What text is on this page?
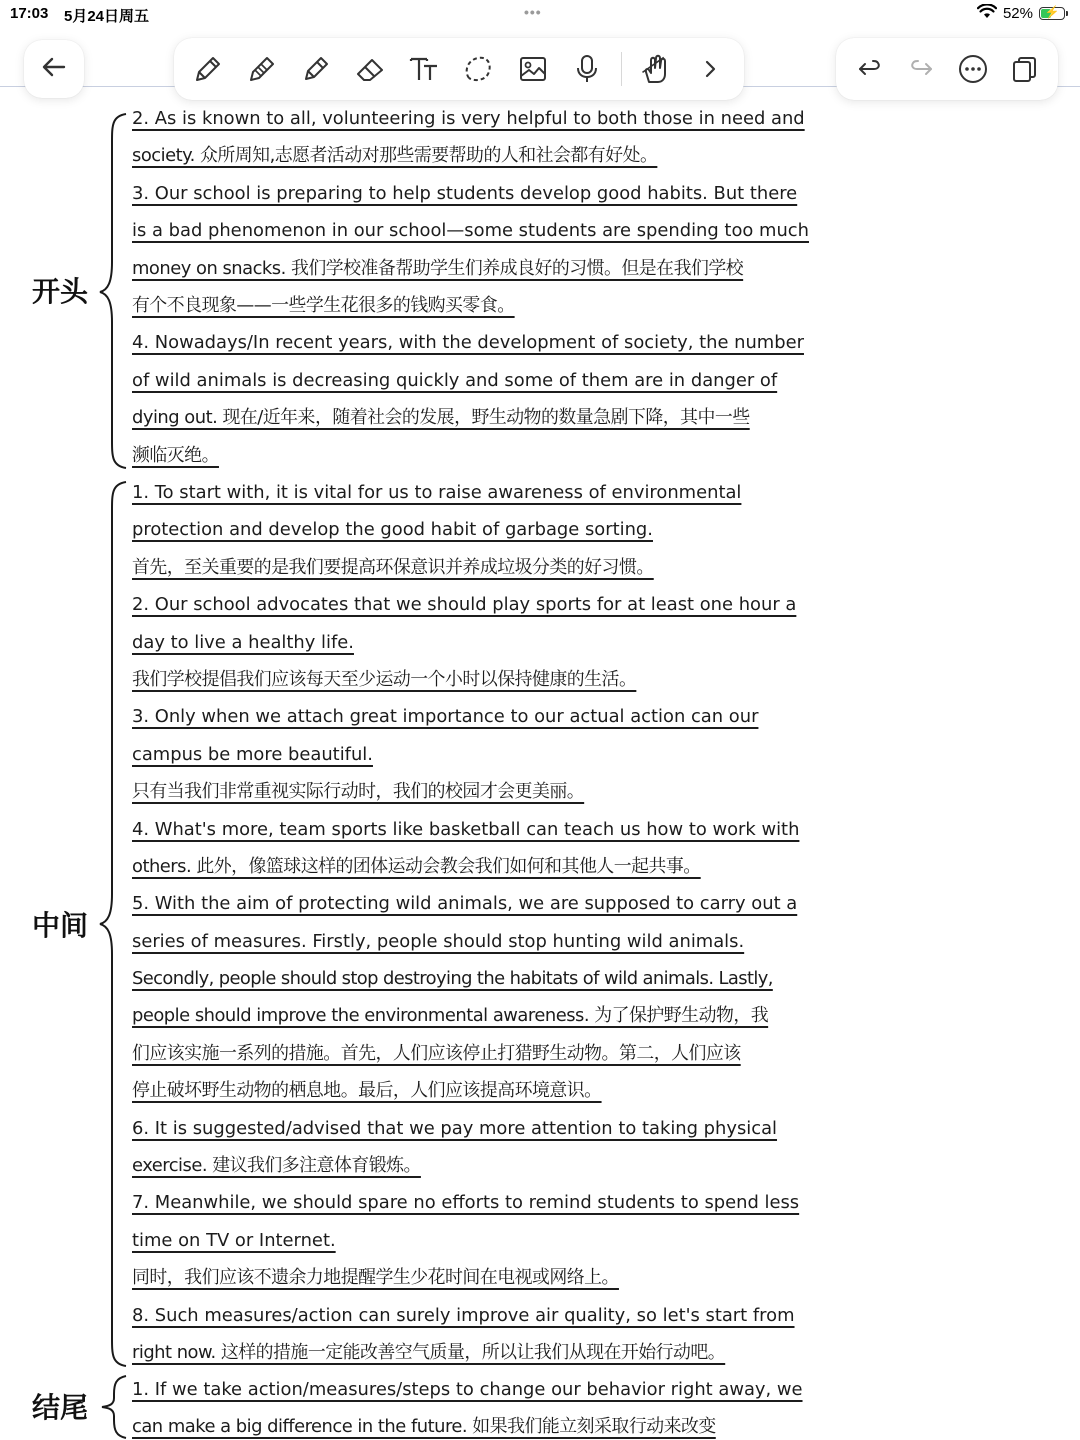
17:03 5月24日周五	•••	52% ⚡
开头
2. As is known to all, volunteering is very helpful to both those in need and
society. 众所周知,志愿者活动对那些需要帮助的人和社会都有好处。
3. Our school is preparing to help students develop good habits. But there
is a bad phenomenon in our school—some students are spending too much
money on snacks. 我们学校准备帮助学生们养成良好的习惯。但是在我们学校
有个不良现象——一些学生花很多的钱购买零食。
4. Nowadays/In recent years, with the development of society, the number
of wild animals is decreasing quickly and some of them are in danger of
dying out. 现在/近年来，随着社会的发展，野生动物的数量急剧下降，其中一些
濒临灭绝。
中间
1. To start with, it is vital for us to raise awareness of environmental
protection and develop the good habit of garbage sorting.
首先，至关重要的是我们要提高环保意识并养成垃圾分类的好习惯。
2. Our school advocates that we should play sports for at least one hour a
day to live a healthy life.
我们学校提倡我们应该每天至少运动一个小时以保持健康的生活。
3. Only when we attach great importance to our actual action can our
campus be more beautiful.
只有当我们非常重视实际行动时，我们的校园才会更美丽。
4. What's more, team sports like basketball can teach us how to work with
others. 此外，像篮球这样的团体运动会教会我们如何和其他人一起共事。
5. With the aim of protecting wild animals, we are supposed to carry out a
series of measures. Firstly, people should stop hunting wild animals.
Secondly, people should stop destroying the habitats of wild animals. Lastly,
people should improve the environmental awareness. 为了保护野生动物，我
们应该实施一系列的措施。首先，人们应该停止打猎野生动物。第二，人们应该
停止破坏野生动物的栖息地。最后，人们应该提高环境意识。
6. It is suggested/advised that we pay more attention to taking physical
exercise. 建议我们多注意体育锻炼。
7. Meanwhile, we should spare no efforts to remind students to spend less
time on TV or Internet.
同时，我们应该不遗余力地提醒学生少花时间在电视或网络上。
8. Such measures/action can surely improve air quality, so let's start from
right now. 这样的措施一定能改善空气质量，所以让我们从现在开始行动吧。
结尾
1. If we take action/measures/steps to change our behavior right away, we
can make a big difference in the future. 如果我们能立刻采取行动来改变
